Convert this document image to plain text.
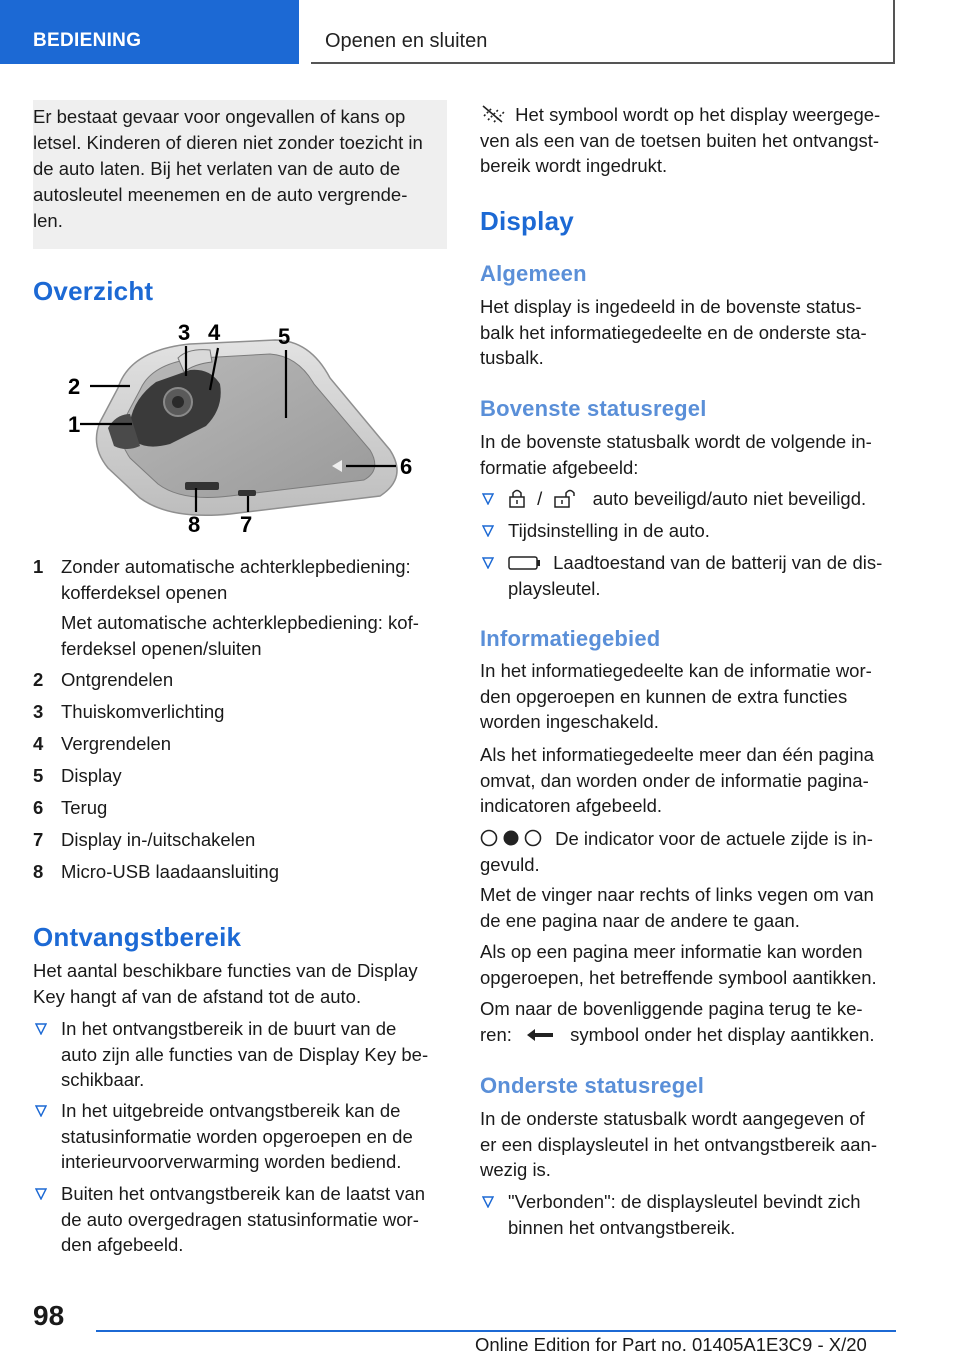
BEDIENING	Openen en sluiten
Er bestaat gevaar voor ongevallen of kans op
letsel. Kinderen of dieren niet zonder toezicht in
de auto laten. Bij het verlaten van de auto de
autosleutel meenemen en de auto vergrende-
len.
Overzicht
1
2
3 4	5
6
7
8
1 Zonder automatische achterklepbediening:
kofferdeksel openen
Met automatische achterklepbediening: kof-
ferdeksel openen/sluiten
2 Ontgrendelen
3 Thuiskomverlichting
4 Vergrendelen
5 Display
6 Terug
7 Display in-/uitschakelen
8 Micro-USB laadaansluiting
Ontvangstbereik
Het aantal beschikbare functies van de Display
Key hangt af van de afstand tot de auto.
In het ontvangstbereik in de buurt van de
auto zijn alle functies van de Display Key be-
schikbaar.
In het uitgebreide ontvangstbereik kan de
statusinformatie worden opgeroepen en de
interieurvoorverwarming worden bediend.
Buiten het ontvangstbereik kan de laatst van
de auto overgedragen statusinformatie wor-
den afgebeeld.
Het symbool wordt op het display weergege-
ven als een van de toetsen buiten het ontvangst-
bereik wordt ingedrukt.
Display
Algemeen
Het display is ingedeeld in de bovenste status-
balk het informatiegedeelte en de onderste sta-
tusbalk.
Bovenste statusregel
In de bovenste statusbalk wordt de volgende in-
formatie afgebeeld:
/	auto beveiligd/auto niet beveiligd.
Tijdsinstelling in de auto.
Laadtoestand van de batterij van de dis-
playsleutel.
Informatiegebied
In het informatiegedeelte kan de informatie wor-
den opgeroepen en kunnen de extra functies
worden ingeschakeld.
Als het informatiegedeelte meer dan één pagina
omvat, dan worden onder de informatie pagina-
indicatoren afgebeeld.
De indicator voor de actuele zijde is in-
gevuld.
Met de vinger naar rechts of links vegen om van
de ene pagina naar de andere te gaan.
Als op een pagina meer informatie kan worden
opgeroepen, het betreffende symbool aantikken.
Om naar de bovenliggende pagina terug te ke-
ren:	symbool onder het display aantikken.
Onderste statusregel
In de onderste statusbalk wordt aangegeven of
er een displaysleutel in het ontvangstbereik aan-
wezig is.
"Verbonden": de displaysleutel bevindt zich
binnen het ontvangstbereik.
98
Online Edition for Part no. 01405A1E3C9 - X/20
